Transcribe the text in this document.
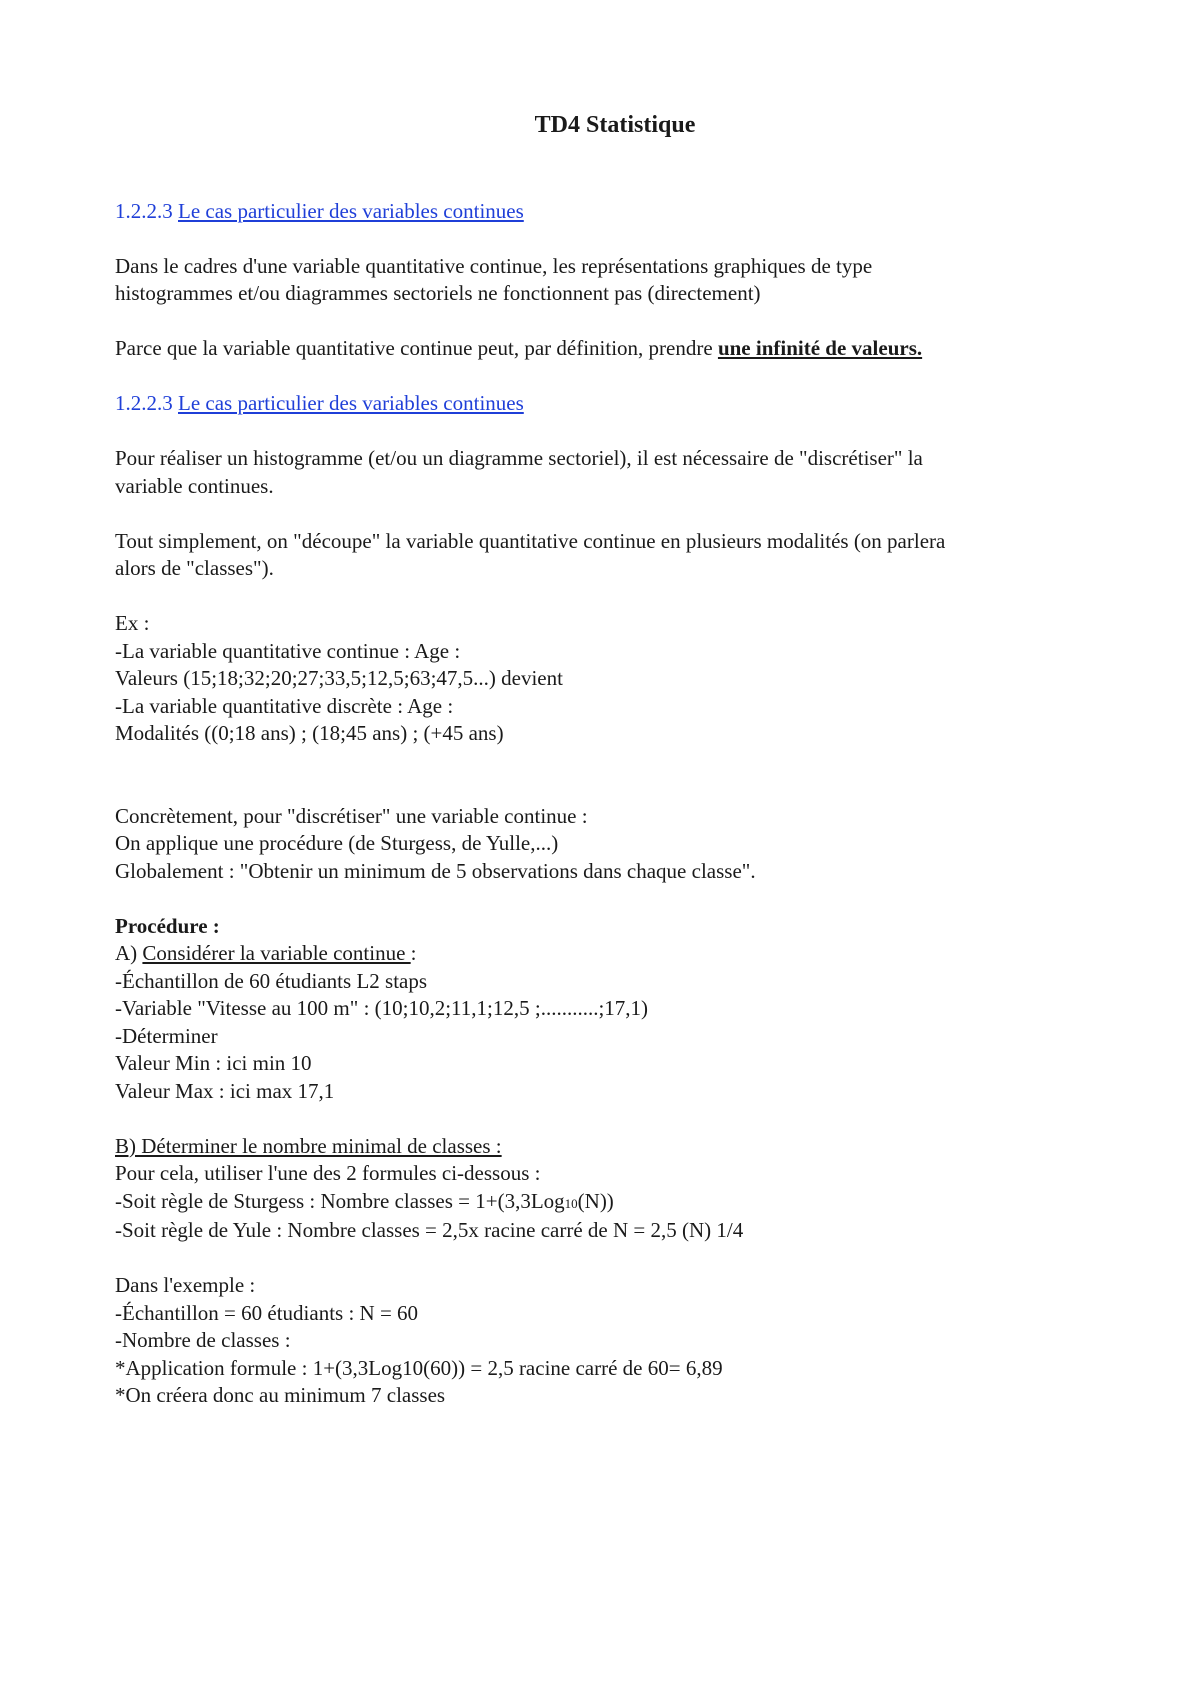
TD4 Statistique

1.2.2.3 Le cas particulier des variables continues

Dans le cadres d'une variable quantitative continue, les représentations graphiques de type
histogrammes et/ou diagrammes sectoriels ne fonctionnent pas (directement)

Parce que la variable quantitative continue peut, par définition, prendre une infinité de valeurs.

1.2.2.3 Le cas particulier des variables continues

Pour réaliser un histogramme (et/ou un diagramme sectoriel), il est nécessaire de "discrétiser" la
variable continues.

Tout simplement, on "découpe" la variable quantitative continue en plusieurs modalités (on parlera
alors de "classes").

Ex :
-La variable quantitative continue : Age :
Valeurs (15;18;32;20;27;33,5;12,5;63;47,5...) devient
-La variable quantitative discrète : Age :
Modalités ((0;18 ans) ; (18;45 ans) ; (+45 ans)

Concrètement, pour "discrétiser" une variable continue :
On applique une procédure (de Sturgess, de Yulle,...)
Globalement : "Obtenir un minimum de 5 observations dans chaque classe".

Procédure :
A) Considérer la variable continue :
-Échantillon de 60 étudiants L2 staps
-Variable "Vitesse au 100 m" : (10;10,2;11,1;12,5 ;...........;17,1)
-Déterminer
Valeur Min : ici min 10
Valeur Max : ici max 17,1

B) Déterminer le nombre minimal de classes :
Pour cela, utiliser l'une des 2 formules ci-dessous :
-Soit règle de Sturgess : Nombre classes = 1+(3,3Log10(N))
-Soit règle de Yule : Nombre classes = 2,5x racine carré de N = 2,5 (N) 1/4

Dans l'exemple :
-Échantillon = 60 étudiants : N = 60
-Nombre de classes :
*Application formule : 1+(3,3Log10(60)) = 2,5 racine carré de 60= 6,89
*On créera donc au minimum 7 classes
